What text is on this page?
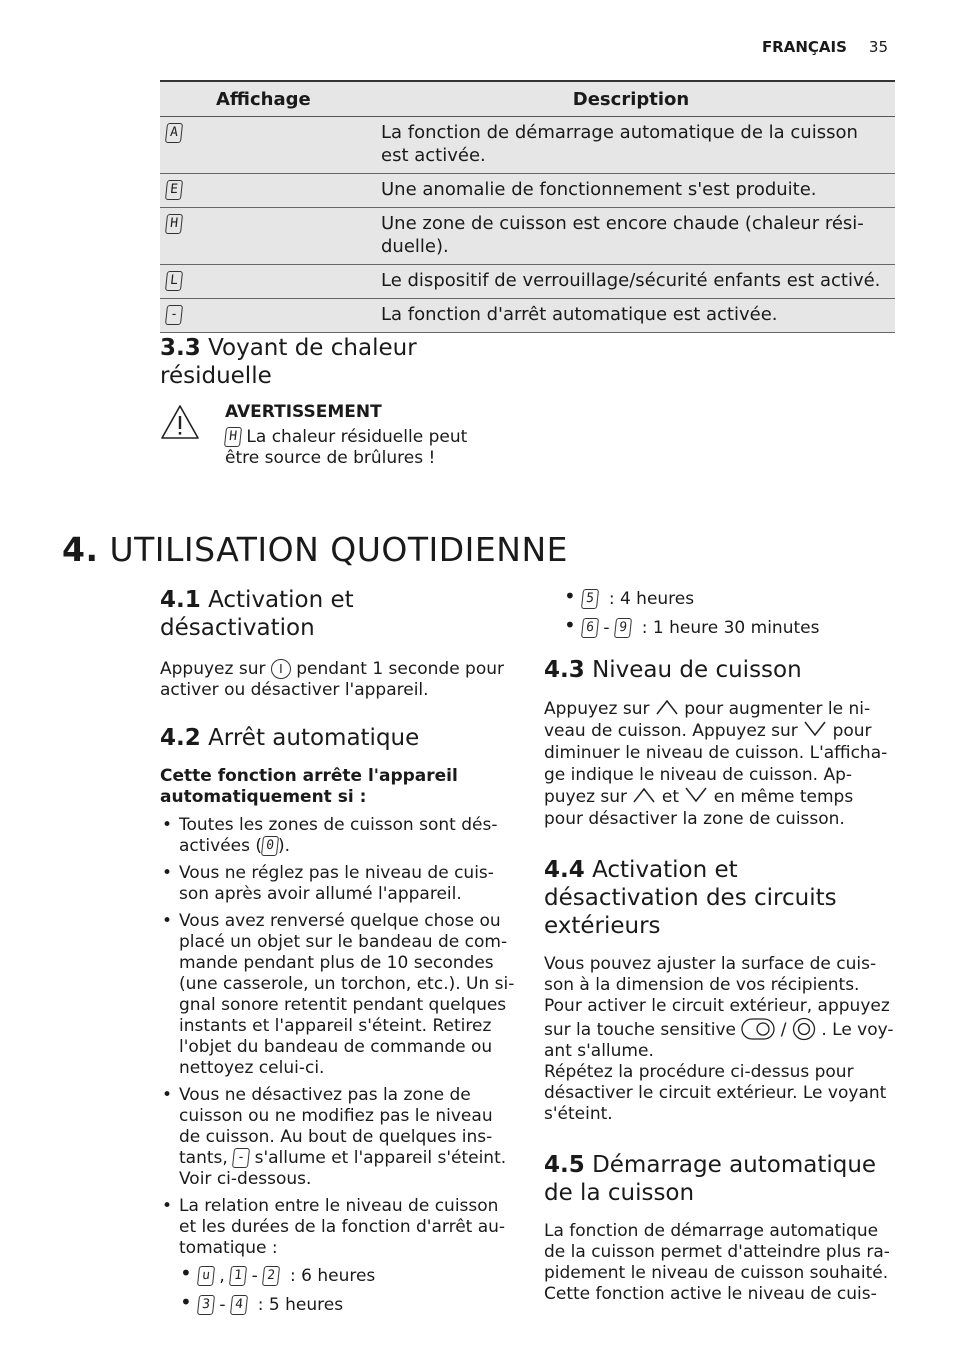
FRANÇAIS 35
Affichage	Description
A	La fonction de démarrage automatique de la cuisson est activée.
E	Une anomalie de fonctionnement s'est produite.
H	Une zone de cuisson est encore chaude (chaleur rési-duelle).
L	Le dispositif de verrouillage/sécurité enfants est activé.
-	La fonction d'arrêt automatique est activée.
3.3 Voyant de chaleur résiduelle
AVERTISSEMENT
H La chaleur résiduelle peut être source de brûlures !
4. UTILISATION QUOTIDIENNE
4.1 Activation et désactivation

Appuyez sur I pendant 1 seconde pour activer ou désactiver l'appareil.

4.2 Arrêt automatique

Cette fonction arrête l'appareil automatiquement si :

• Toutes les zones de cuisson sont dés-activées ( 0 ).
• Vous ne réglez pas le niveau de cuis-son après avoir allumé l'appareil.
• Vous avez renversé quelque chose ou placé un objet sur le bandeau de com-mande pendant plus de 10 secondes (une casserole, un torchon, etc.). Un si-gnal sonore retentit pendant quelques instants et l'appareil s'éteint. Retirez l'objet du bandeau de commande ou nettoyez celui-ci.
• Vous ne désactivez pas la zone de cuisson ou ne modifiez pas le niveau de cuisson. Au bout de quelques ins-tants, - s'allume et l'appareil s'éteint. Voir ci-dessous.
• La relation entre le niveau de cuisson et les durées de la fonction d'arrêt au-tomatique :
• u , 1 - 2 : 6 heures
• 3 - 4 : 5 heures
• 5 : 4 heures
• 6 - 9 : 1 heure 30 minutes
4.3 Niveau de cuisson

Appuyez sur pour augmenter le ni-veau de cuisson. Appuyez sur pour diminuer le niveau de cuisson. L'afficha-ge indique le niveau de cuisson. Ap-puyez sur et en même temps pour désactiver la zone de cuisson.

4.4 Activation et désactivation des circuits extérieurs

Vous pouvez ajuster la surface de cuis-son à la dimension de vos récipients. Pour activer le circuit extérieur, appuyez sur la touche sensitive  /  . Le voy-ant s'allume.

Répétez la procédure ci-dessus pour désactiver le circuit extérieur. Le voyant s'éteint.

4.5 Démarrage automatique de la cuisson

La fonction de démarrage automatique de la cuisson permet d'atteindre plus ra-pidement le niveau de cuisson souhaité. Cette fonction active le niveau de cuis-
